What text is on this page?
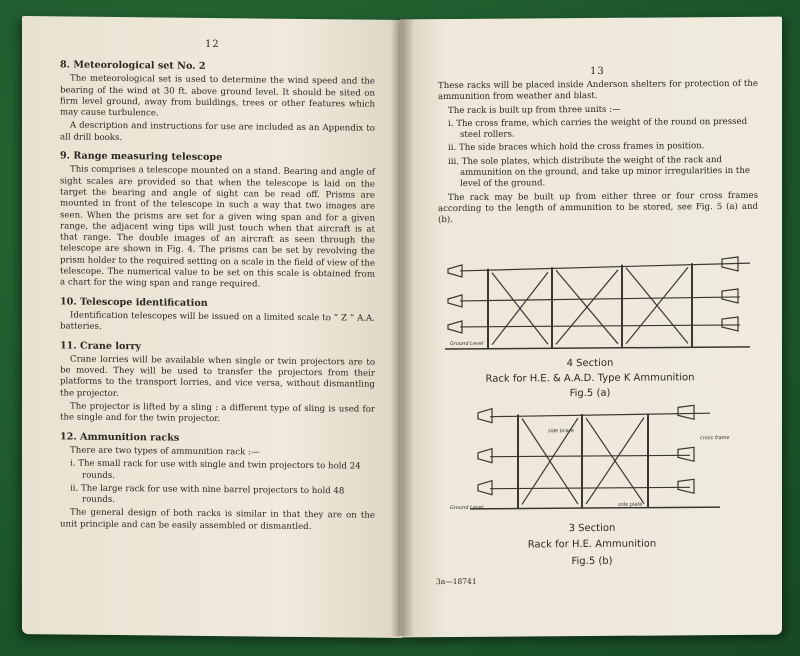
12
8. Meteorological set No. 2
The meteorological set is used to determine the wind speed and the bearing of the wind at 30 ft. above ground level. It should be sited on firm level ground, away from buildings, trees or other features which may cause turbulence.
A description and instructions for use are included as an Appendix to all drill books.
9. Range measuring telescope
This comprises a telescope mounted on a stand. Bearing and angle of sight scales are provided so that when the telescope is laid on the target the bearing and angle of sight can be read off. Prisms are mounted in front of the telescope in such a way that two images are seen. When the prisms are set for a given wing span and for a given range, the adjacent wing tips will just touch when that aircraft is at that range. The double images of an aircraft as seen through the telescope are shown in Fig. 4. The prisms can be set by revolving the prism holder to the required setting on a scale in the field of view of the telescope. The numerical value to be set on this scale is obtained from a chart for the wing span and range required.
10. Telescope identification
Identification telescopes will be issued on a limited scale to “ Z ” A.A. batteries.
11. Crane lorry
Crane lorries will be available when single or twin projectors are to be moved. They will be used to transfer the projectors from their platforms to the transport lorries, and vice versa, without dismantling the projector.
The projector is lifted by a sling : a different type of sling is used for the single and for the twin projector.
12. Ammunition racks
There are two types of ammunition rack :—
i. The small rack for use with single and twin projectors to hold 24 rounds.
ii. The large rack for use with nine barrel projectors to hold 48 rounds.
The general design of both racks is similar in that they are on the unit principle and can be easily assembled or dismantled.
13
These racks will be placed inside Anderson shelters for protection of the ammunition from weather and blast.
The rack is built up from three units :—
i. The cross frame, which carries the weight of the round on pressed steel rollers.
ii. The side braces which hold the cross frames in position.
iii. The sole plates, which distribute the weight of the rack and ammunition on the ground, and take up minor irregularities in the level of the ground.
The rack may be built up from either three or four cross frames according to the length of ammunition to be stored, see Fig. 5 (a) and (b).
Ground Level
4 Section
Rack for H.E. & A.A.D. Type K Ammunition
Fig.5 (a)
side brace
cross frame
Ground Level
sole plate
3 Section
Rack for H.E. Ammunition
Fig.5 (b)
3a—18741
